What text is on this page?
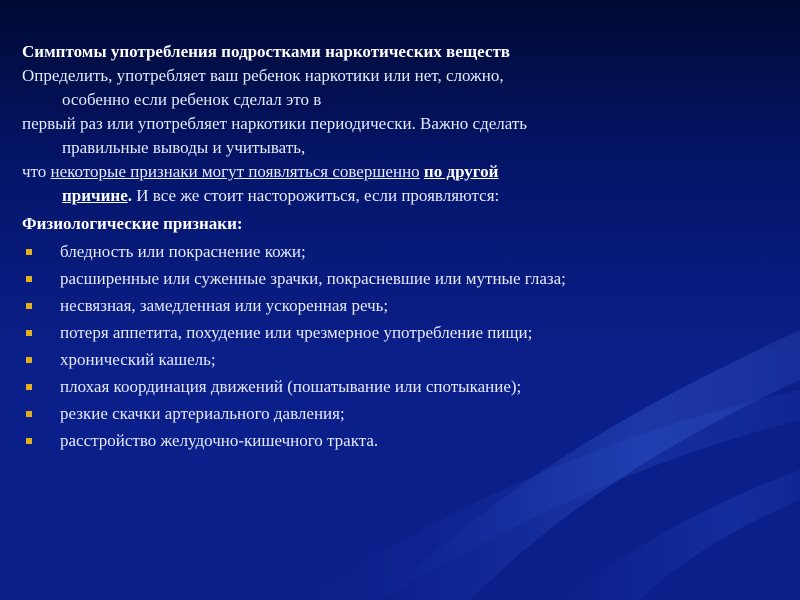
Симптомы употребления подростками наркотических веществ

Определить, употребляет ваш ребенок наркотики или нет, сложно,

особенно если ребенок сделал это в

первый раз или употребляет наркотики периодически. Важно сделать

правильные выводы и учитывать,

что некоторые признаки могут появляться совершенно по другой

причине. И все же стоит насторожиться, если проявляются:

Физиологические признаки:

бледность или покраснение кожи;
расширенные или суженные зрачки, покрасневшие или мутные глаза;
несвязная, замедленная или ускоренная речь;
потеря аппетита, похудение или чрезмерное употребление пищи;
хронический кашель;
плохая координация движений (пошатывание или спотыкание);
резкие скачки артериального давления;
расстройство желудочно-кишечного тракта.
